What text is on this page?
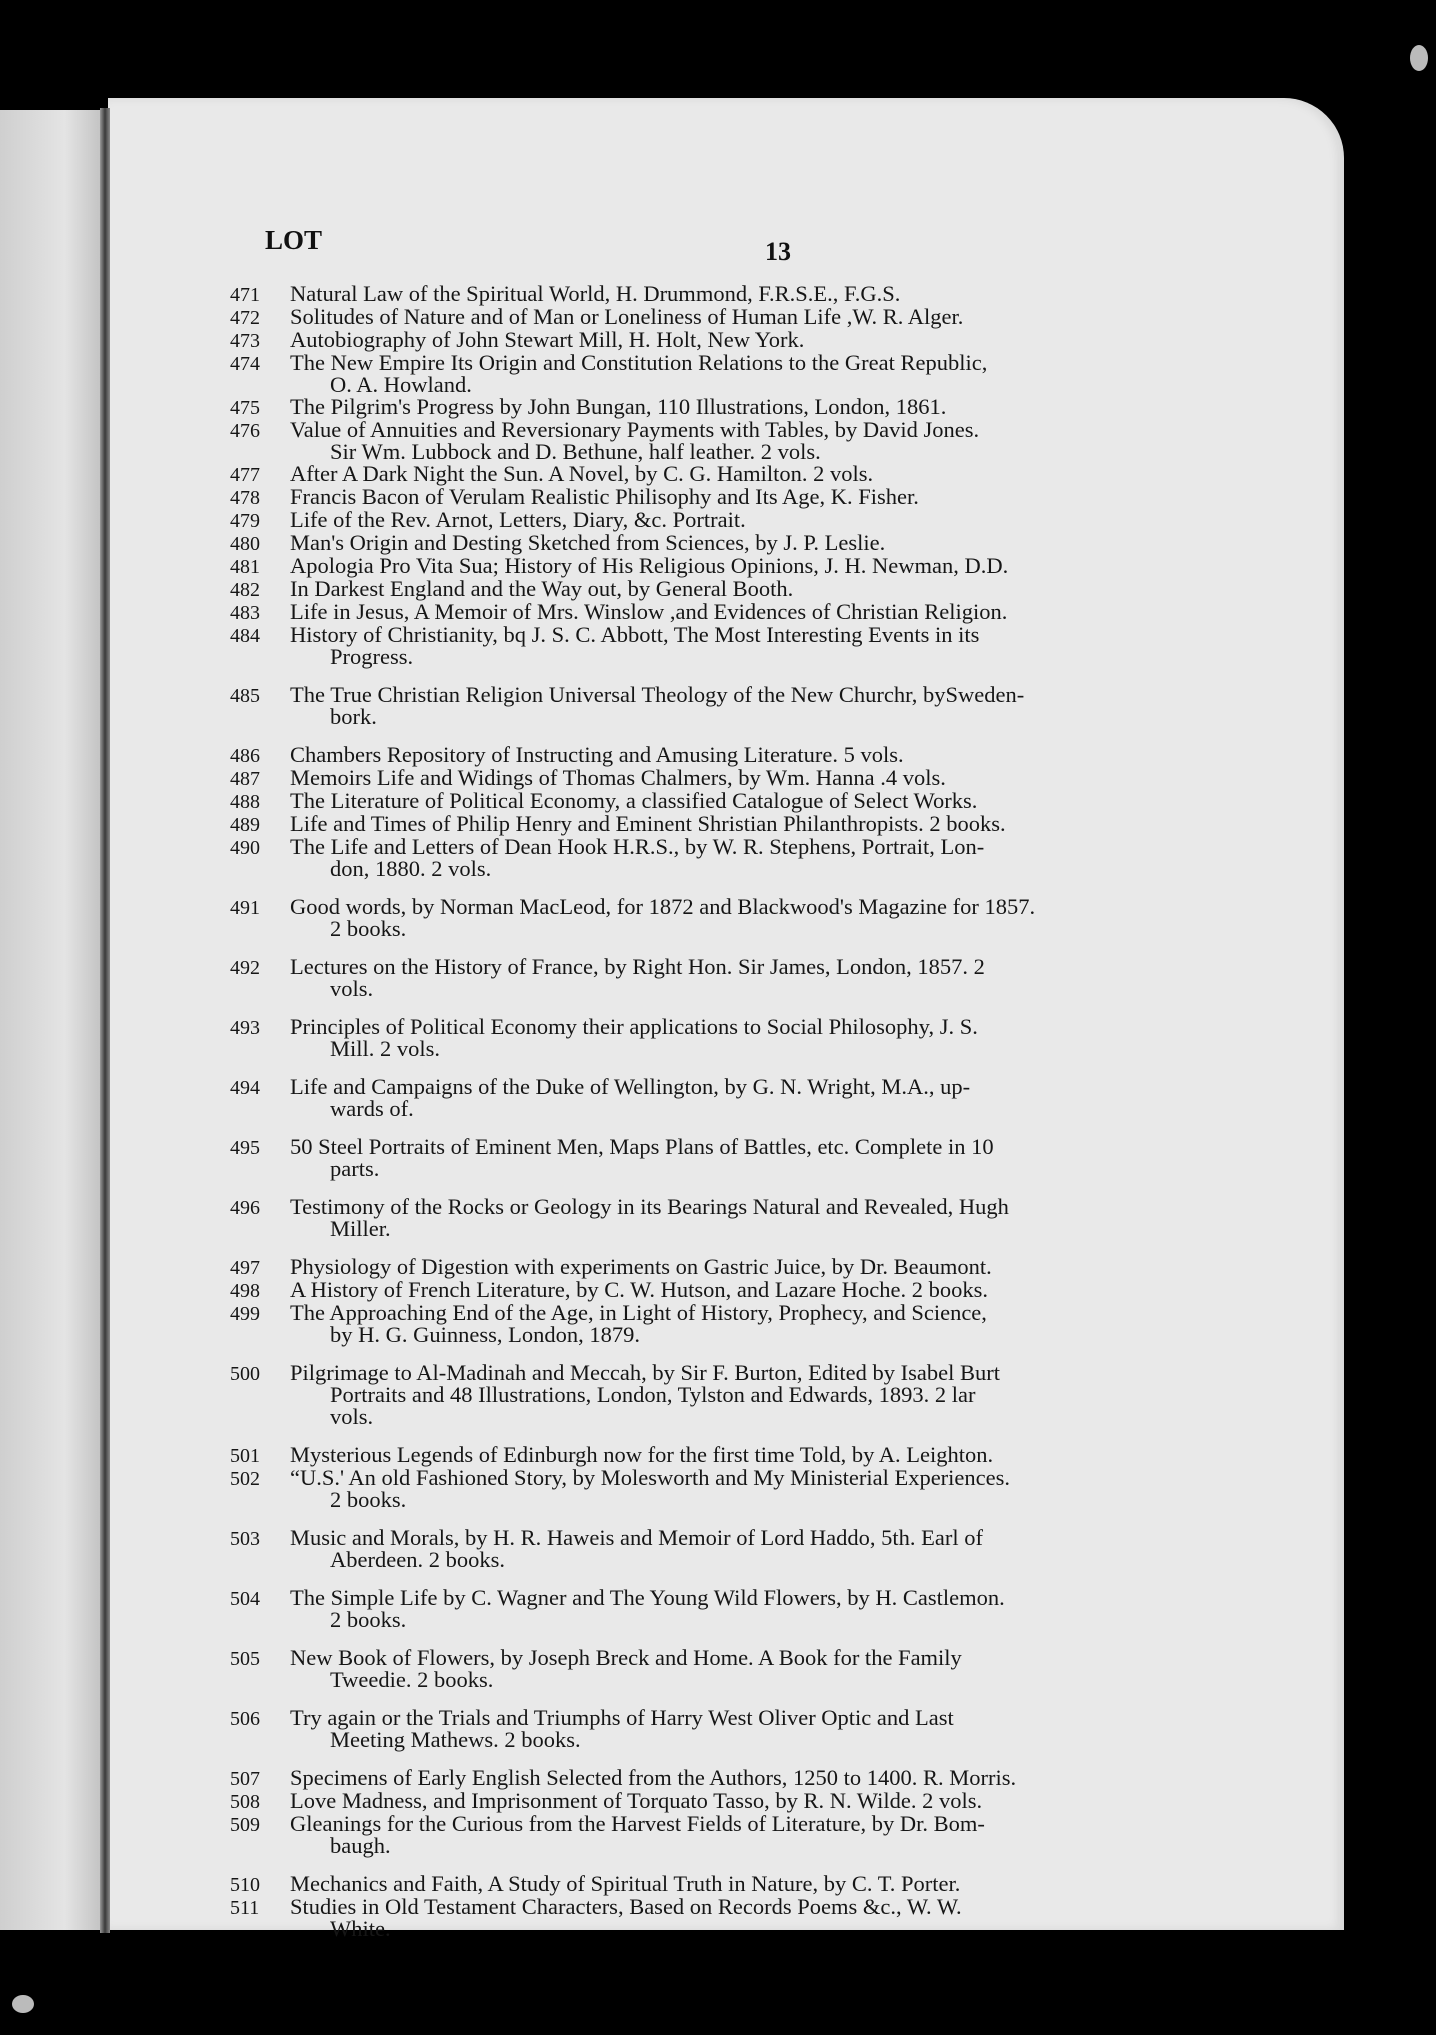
LOT	13
471	Natural Law of the Spiritual World, H. Drummond, F.R.S.E., F.G.S.
472	Solitudes of Nature and of Man or Loneliness of Human Life ,W. R. Alger.
473	Autobiography of John Stewart Mill, H. Holt, New York.
474	The New Empire Its Origin and Constitution Relations to the Great Republic,
O. A. Howland.
475	The Pilgrim's Progress by John Bungan, 110 Illustrations, London, 1861.
476	Value of Annuities and Reversionary Payments with Tables, by David Jones.
Sir Wm. Lubbock and D. Bethune, half leather. 2 vols.
477	After A Dark Night the Sun. A Novel, by C. G. Hamilton. 2 vols.
478	Francis Bacon of Verulam Realistic Philisophy and Its Age, K. Fisher.
479	Life of the Rev. Arnot, Letters, Diary, &c. Portrait.
480	Man's Origin and Desting Sketched from Sciences, by J. P. Leslie.
481	Apologia Pro Vita Sua; History of His Religious Opinions, J. H. Newman, D.D.
482	In Darkest England and the Way out, by General Booth.
483	Life in Jesus, A Memoir of Mrs. Winslow ,and Evidences of Christian Religion.
484	History of Christianity, bq J. S. C. Abbott, The Most Interesting Events in its
Progress.
485	The True Christian Religion Universal Theology of the New Churchr, bySweden-
bork.
486	Chambers Repository of Instructing and Amusing Literature. 5 vols.
487	Memoirs Life and Widings of Thomas Chalmers, by Wm. Hanna .4 vols.
488	The Literature of Political Economy, a classified Catalogue of Select Works.
489	Life and Times of Philip Henry and Eminent Shristian Philanthropists. 2 books.
490	The Life and Letters of Dean Hook H.R.S., by W. R. Stephens, Portrait, Lon-
don, 1880. 2 vols.
491	Good words, by Norman MacLeod, for 1872 and Blackwood's Magazine for 1857.
2 books.
492	Lectures on the History of France, by Right Hon. Sir James, London, 1857. 2
vols.
493	Principles of Political Economy their applications to Social Philosophy, J. S.
Mill. 2 vols.
494	Life and Campaigns of the Duke of Wellington, by G. N. Wright, M.A., up-
wards of.
495	50 Steel Portraits of Eminent Men, Maps Plans of Battles, etc. Complete in 10
parts.
496	Testimony of the Rocks or Geology in its Bearings Natural and Revealed, Hugh
Miller.
497	Physiology of Digestion with experiments on Gastric Juice, by Dr. Beaumont.
498	A History of French Literature, by C. W. Hutson, and Lazare Hoche. 2 books.
499	The Approaching End of the Age, in Light of History, Prophecy, and Science,
by H. G. Guinness, London, 1879.
500	Pilgrimage to Al-Madinah and Meccah, by Sir F. Burton, Edited by Isabel Burt
Portraits and 48 Illustrations, London, Tylston and Edwards, 1893. 2 lar
vols.
501	Mysterious Legends of Edinburgh now for the first time Told, by A. Leighton.
502	“U.S.' An old Fashioned Story, by Molesworth and My Ministerial Experiences.
2 books.
503	Music and Morals, by H. R. Haweis and Memoir of Lord Haddo, 5th. Earl of
Aberdeen. 2 books.
504	The Simple Life by C. Wagner and The Young Wild Flowers, by H. Castlemon.
2 books.
505	New Book of Flowers, by Joseph Breck and Home. A Book for the Family
Tweedie. 2 books.
506	Try again or the Trials and Triumphs of Harry West Oliver Optic and Last
Meeting Mathews. 2 books.
507	Specimens of Early English Selected from the Authors, 1250 to 1400. R. Morris.
508	Love Madness, and Imprisonment of Torquato Tasso, by R. N. Wilde. 2 vols.
509	Gleanings for the Curious from the Harvest Fields of Literature, by Dr. Bom-
baugh.
510	Mechanics and Faith, A Study of Spiritual Truth in Nature, by C. T. Porter.
511	Studies in Old Testament Characters, Based on Records Poems &c., W. W.
White.
